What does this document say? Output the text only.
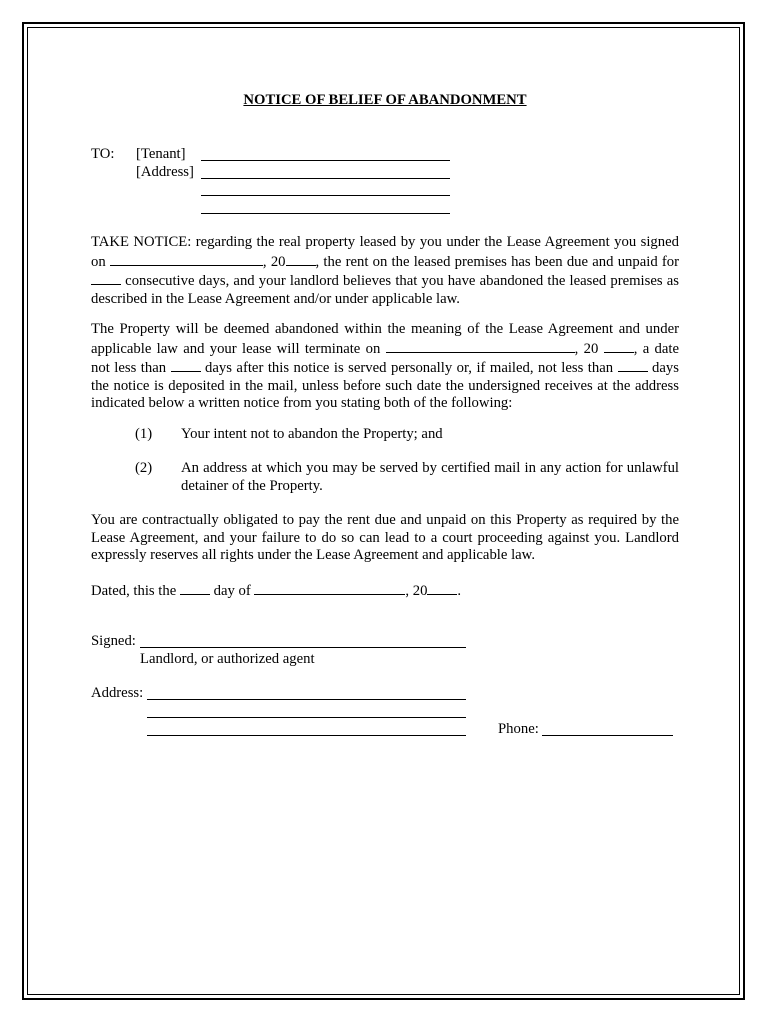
NOTICE OF BELIEF OF ABANDONMENT

TO: [Tenant]
[Address]

TAKE NOTICE: regarding the real property leased by you under the Lease Agreement you signed on	, 20 , the rent on the leased premises has been due and unpaid for  consecutive days, and your landlord believes that you have abandoned the leased premises as described in the Lease Agreement and/or under applicable law.

The Property will be deemed abandoned within the meaning of the Lease Agreement and under applicable law and your lease will terminate on	, 20 , a date not less than  days after this notice is served personally or, if mailed, not less than  days the notice is deposited in the mail, unless before such date the undersigned receives at the address indicated below a written notice from you stating both of the following:

(1) Your intent not to abandon the Property; and
(2) An address at which you may be served by certified mail in any action for unlawful detainer of the Property.

You are contractually obligated to pay the rent due and unpaid on this Property as required by the Lease Agreement, and your failure to do so can lead to a court proceeding against you. Landlord expressly reserves all rights under the Lease Agreement and applicable law.

Dated, this the  day of	, 20 .
Signed:
Landlord, or authorized agent
Address:
Phone:
